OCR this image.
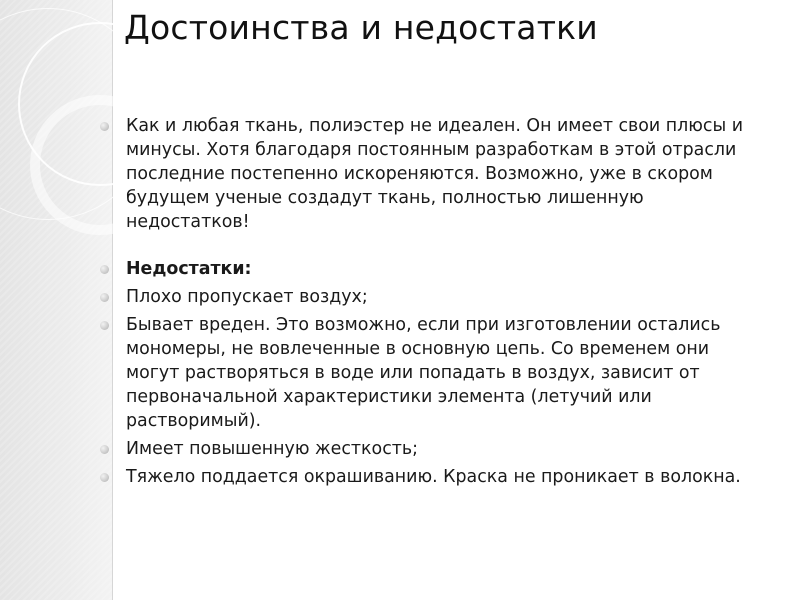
Достоинства и недостатки
Как и любая ткань, полиэстер не идеален. Он имеет свои плюсы и минусы. Хотя благодаря постоянным разработкам в этой отрасли последние постепенно искореняются. Возможно, уже в скором будущем ученые создадут ткань, полностью лишенную недостатков!
Недостатки:
Плохо пропускает воздух;
Бывает вреден. Это возможно, если при изготовлении остались мономеры, не вовлеченные в основную цепь. Со временем они могут растворяться в воде или попадать в воздух, зависит от первоначальной характеристики элемента (летучий или растворимый).
Имеет повышенную жесткость;
Тяжело поддается окрашиванию. Краска не проникает в волокна.
